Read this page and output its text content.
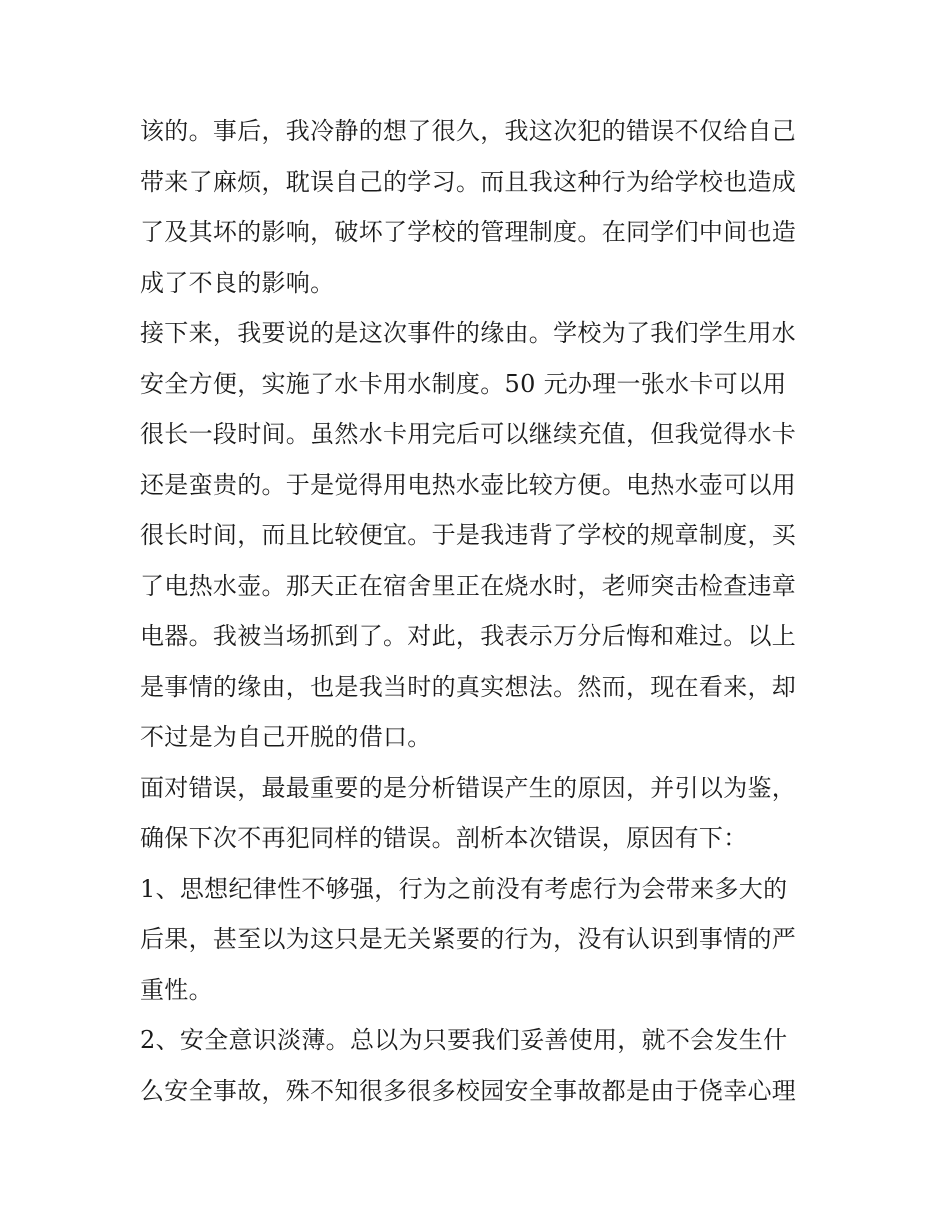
该的。事后，我冷静的想了很久，我这次犯的错误不仅给自己
带来了麻烦，耽误自己的学习。而且我这种行为给学校也造成
了及其坏的影响，破坏了学校的管理制度。在同学们中间也造
成了不良的影响。
接下来，我要说的是这次事件的缘由。学校为了我们学生用水
安全方便，实施了水卡用水制度。50 元办理一张水卡可以用
很长一段时间。虽然水卡用完后可以继续充值，但我觉得水卡
还是蛮贵的。于是觉得用电热水壶比较方便。电热水壶可以用
很长时间，而且比较便宜。于是我违背了学校的规章制度，买
了电热水壶。那天正在宿舍里正在烧水时，老师突击检查违章
电器。我被当场抓到了。对此，我表示万分后悔和难过。以上
是事情的缘由，也是我当时的真实想法。然而，现在看来，却
不过是为自己开脱的借口。
面对错误，最最重要的是分析错误产生的原因，并引以为鉴，
确保下次不再犯同样的错误。剖析本次错误，原因有下：
1、思想纪律性不够强，行为之前没有考虑行为会带来多大的
后果，甚至以为这只是无关紧要的行为，没有认识到事情的严
重性。
2、安全意识淡薄。总以为只要我们妥善使用，就不会发生什
么安全事故，殊不知很多很多校园安全事故都是由于侥幸心理
